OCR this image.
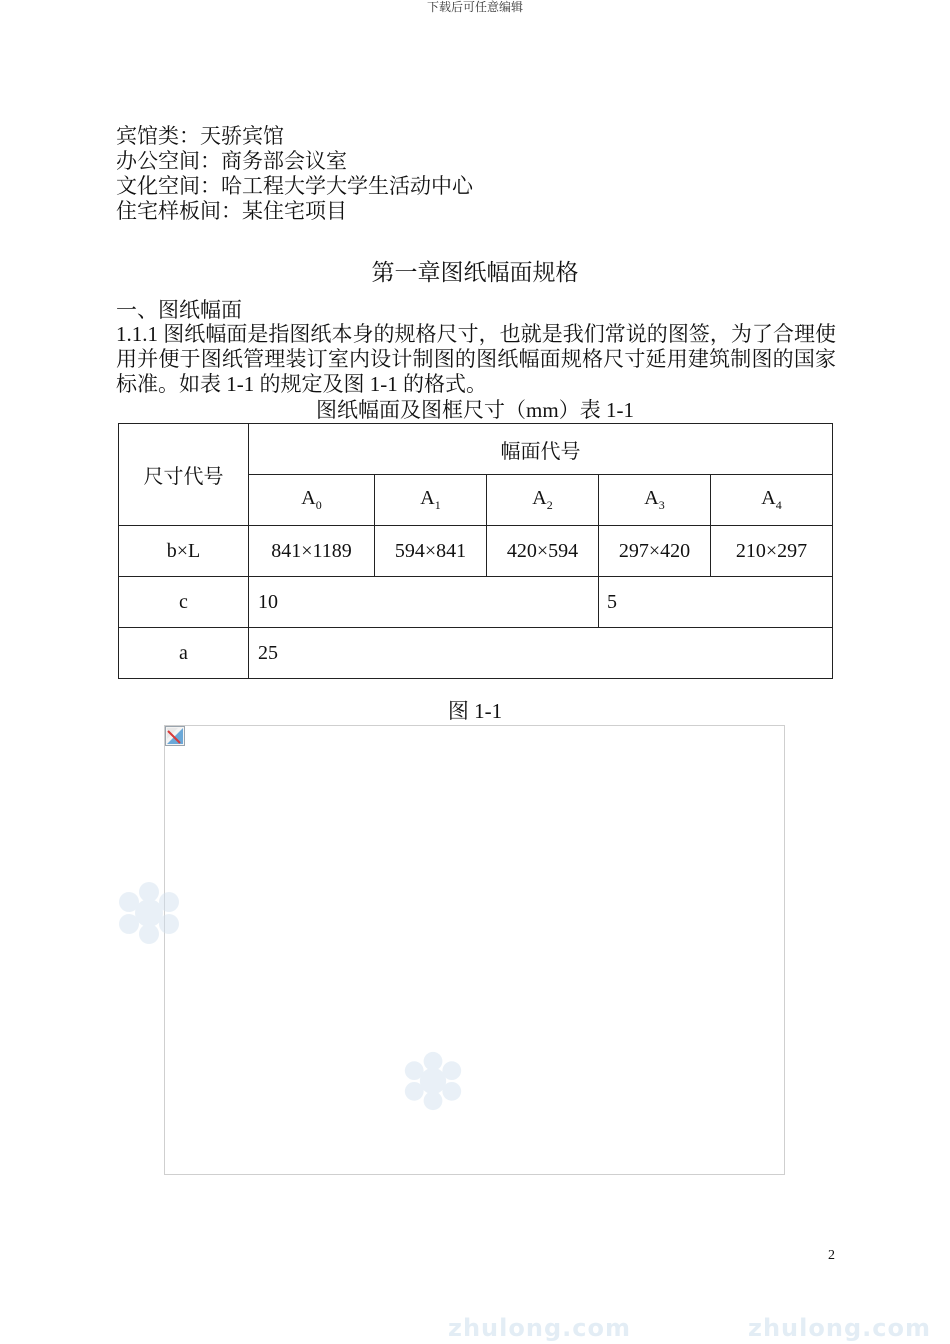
下载后可任意编辑
宾馆类：天骄宾馆
办公空间：商务部会议室
文化空间：哈工程大学大学生活动中心
住宅样板间：某住宅项目
第一章图纸幅面规格
一、图纸幅面
1.1.1 图纸幅面是指图纸本身的规格尺寸，也就是我们常说的图签，为了合理使用并便于图纸管理装订室内设计制图的图纸幅面规格尺寸延用建筑制图的国家标准。如表 1-1 的规定及图 1-1 的格式。
图纸幅面及图框尺寸（mm）表 1-1
尺寸代号	幅面代号				
	$A_0$	$A_1$	$A_2$	$A_3$	$A_4$
b×L	841×1189	594×841	420×594	297×420	210×297
c	10			5	
a	25				
图 1-1
2
zhulong.com	zhulong.com
